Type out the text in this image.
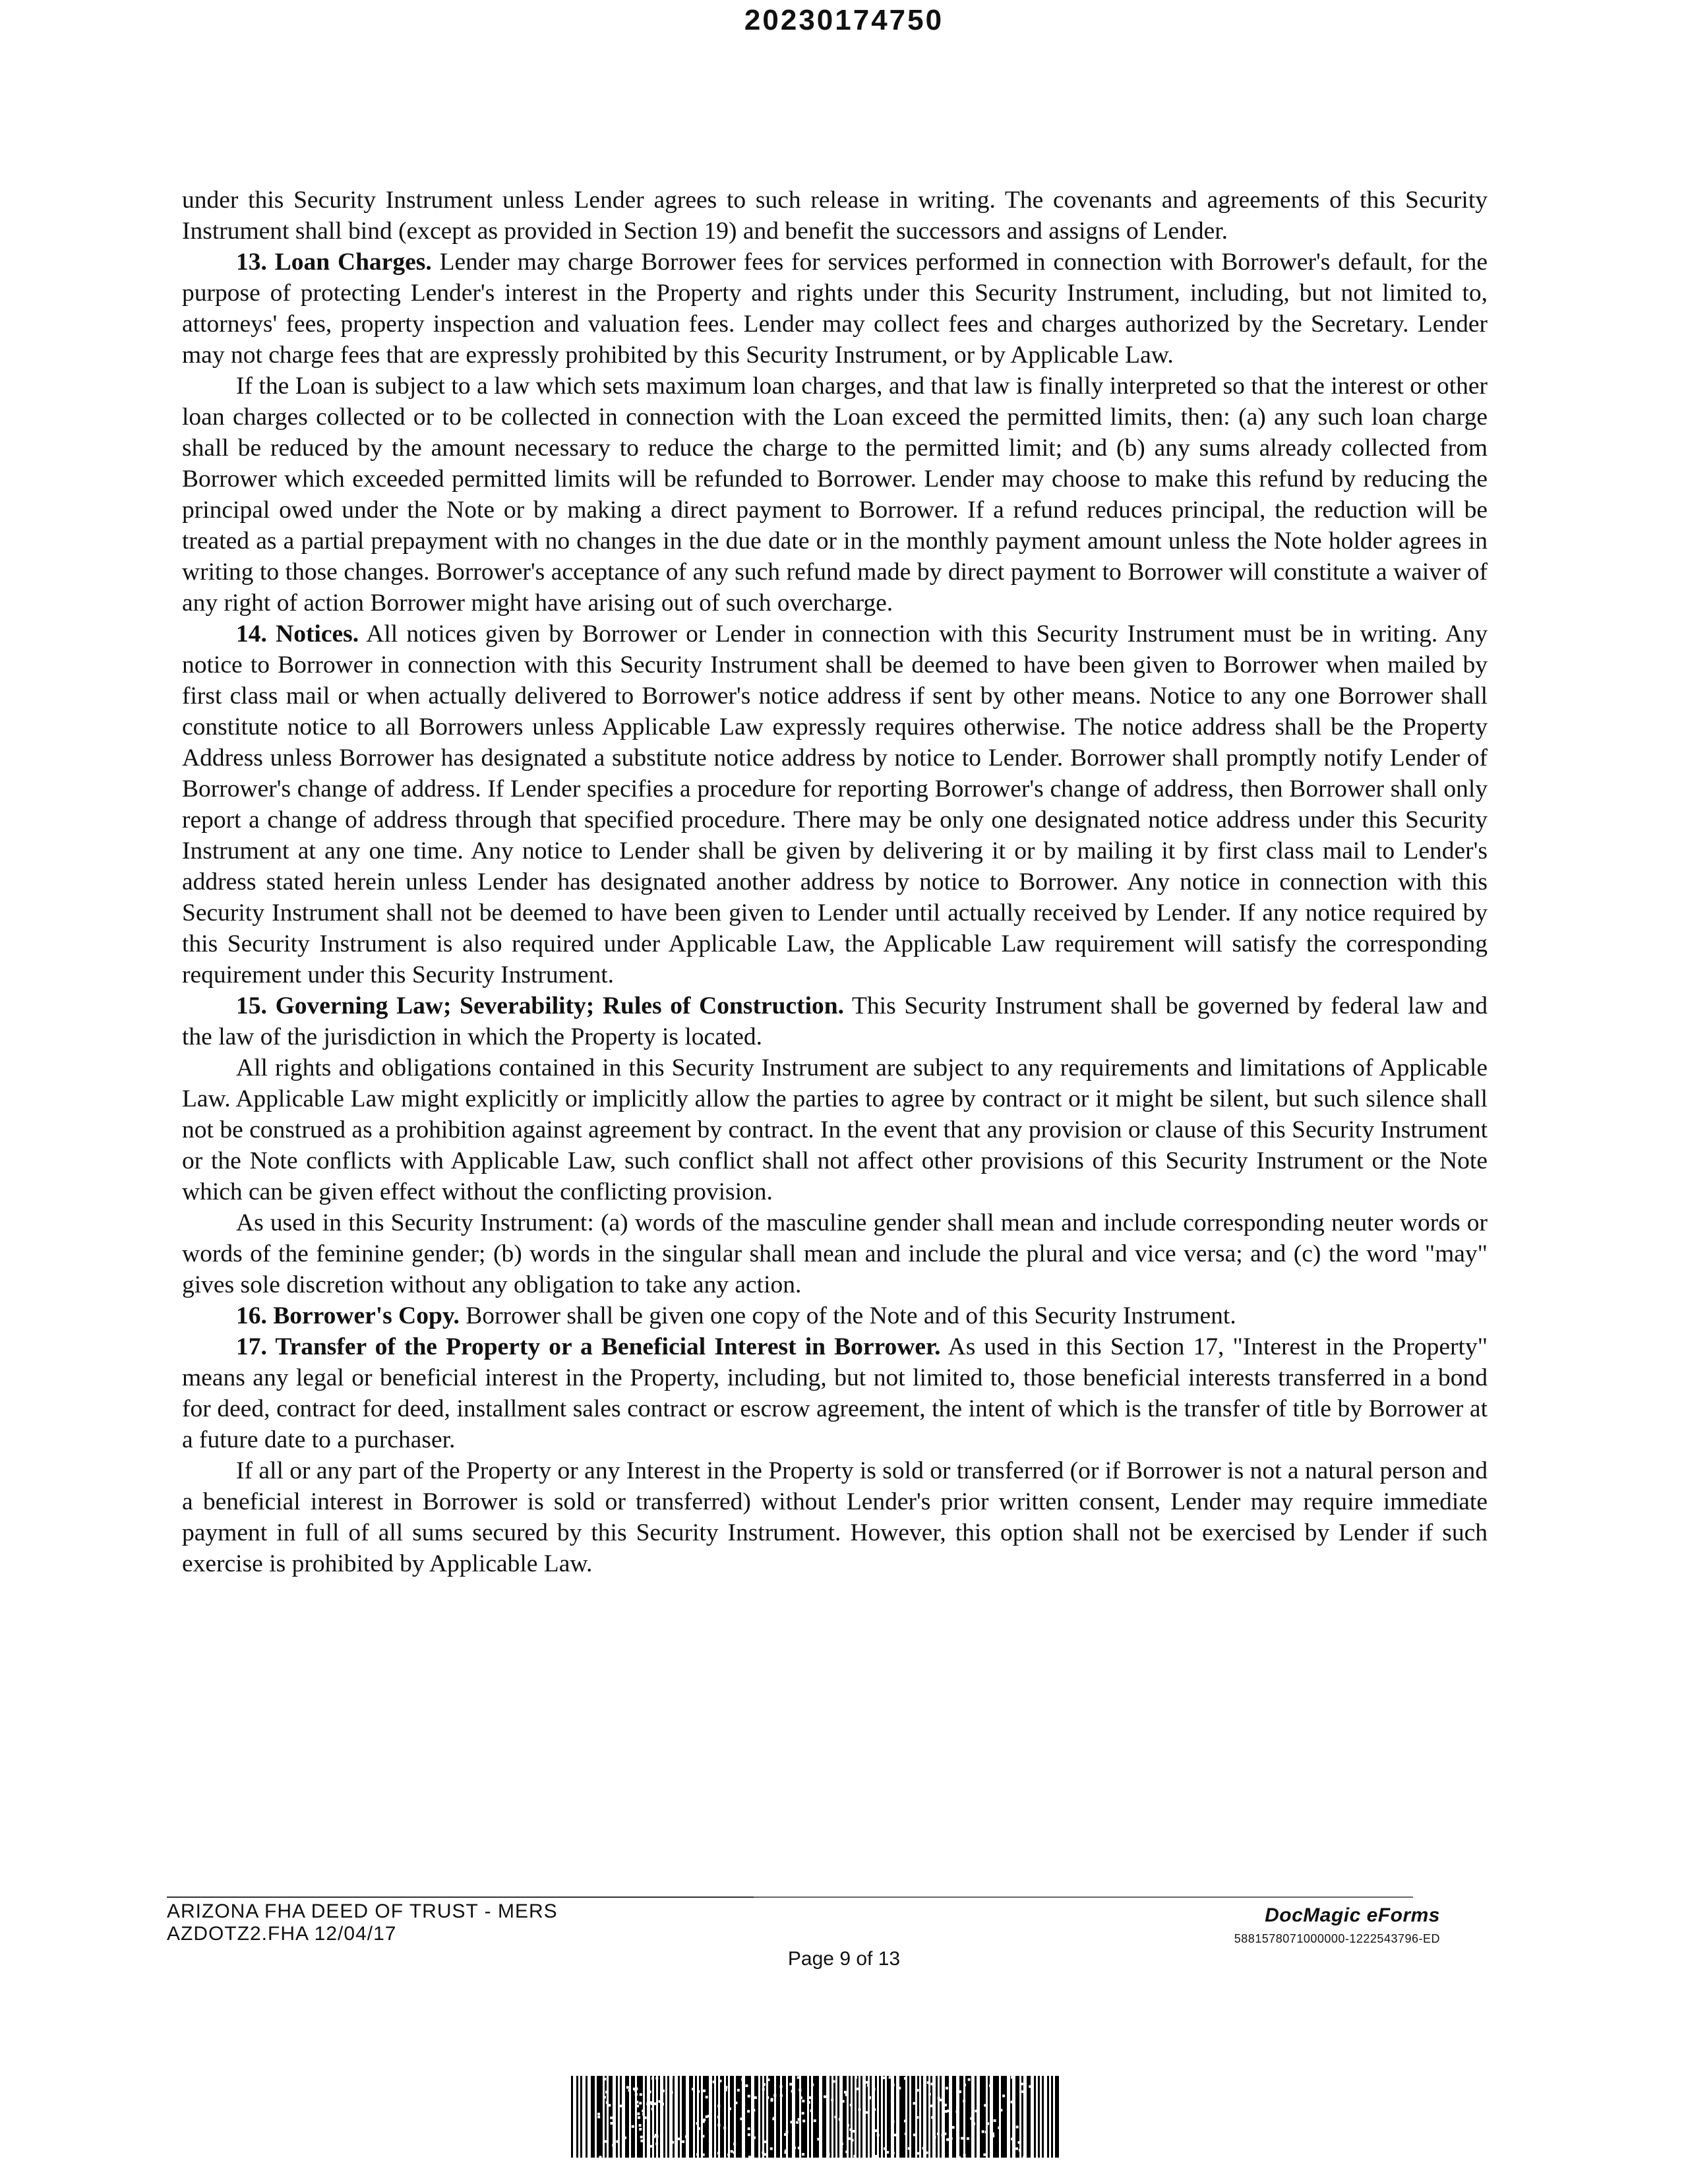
20230174750

under this Security Instrument unless Lender agrees to such release in writing. The covenants and agreements of this Security Instrument shall bind (except as provided in Section 19) and benefit the successors and assigns of Lender.

13. Loan Charges. Lender may charge Borrower fees for services performed in connection with Borrower's default, for the purpose of protecting Lender's interest in the Property and rights under this Security Instrument, including, but not limited to, attorneys' fees, property inspection and valuation fees. Lender may collect fees and charges authorized by the Secretary. Lender may not charge fees that are expressly prohibited by this Security Instrument, or by Applicable Law.

If the Loan is subject to a law which sets maximum loan charges, and that law is finally interpreted so that the interest or other loan charges collected or to be collected in connection with the Loan exceed the permitted limits, then: (a) any such loan charge shall be reduced by the amount necessary to reduce the charge to the permitted limit; and (b) any sums already collected from Borrower which exceeded permitted limits will be refunded to Borrower. Lender may choose to make this refund by reducing the principal owed under the Note or by making a direct payment to Borrower. If a refund reduces principal, the reduction will be treated as a partial prepayment with no changes in the due date or in the monthly payment amount unless the Note holder agrees in writing to those changes. Borrower's acceptance of any such refund made by direct payment to Borrower will constitute a waiver of any right of action Borrower might have arising out of such overcharge.

14. Notices. All notices given by Borrower or Lender in connection with this Security Instrument must be in writing. Any notice to Borrower in connection with this Security Instrument shall be deemed to have been given to Borrower when mailed by first class mail or when actually delivered to Borrower's notice address if sent by other means. Notice to any one Borrower shall constitute notice to all Borrowers unless Applicable Law expressly requires otherwise. The notice address shall be the Property Address unless Borrower has designated a substitute notice address by notice to Lender. Borrower shall promptly notify Lender of Borrower's change of address. If Lender specifies a procedure for reporting Borrower's change of address, then Borrower shall only report a change of address through that specified procedure. There may be only one designated notice address under this Security Instrument at any one time. Any notice to Lender shall be given by delivering it or by mailing it by first class mail to Lender's address stated herein unless Lender has designated another address by notice to Borrower. Any notice in connection with this Security Instrument shall not be deemed to have been given to Lender until actually received by Lender. If any notice required by this Security Instrument is also required under Applicable Law, the Applicable Law requirement will satisfy the corresponding requirement under this Security Instrument.

15. Governing Law; Severability; Rules of Construction. This Security Instrument shall be governed by federal law and the law of the jurisdiction in which the Property is located.

All rights and obligations contained in this Security Instrument are subject to any requirements and limitations of Applicable Law. Applicable Law might explicitly or implicitly allow the parties to agree by contract or it might be silent, but such silence shall not be construed as a prohibition against agreement by contract. In the event that any provision or clause of this Security Instrument or the Note conflicts with Applicable Law, such conflict shall not affect other provisions of this Security Instrument or the Note which can be given effect without the conflicting provision.

As used in this Security Instrument: (a) words of the masculine gender shall mean and include corresponding neuter words or words of the feminine gender; (b) words in the singular shall mean and include the plural and vice versa; and (c) the word "may" gives sole discretion without any obligation to take any action.

16. Borrower's Copy. Borrower shall be given one copy of the Note and of this Security Instrument.

17. Transfer of the Property or a Beneficial Interest in Borrower. As used in this Section 17, "Interest in the Property" means any legal or beneficial interest in the Property, including, but not limited to, those beneficial interests transferred in a bond for deed, contract for deed, installment sales contract or escrow agreement, the intent of which is the transfer of title by Borrower at a future date to a purchaser.

If all or any part of the Property or any Interest in the Property is sold or transferred (or if Borrower is not a natural person and a beneficial interest in Borrower is sold or transferred) without Lender's prior written consent, Lender may require immediate payment in full of all sums secured by this Security Instrument. However, this option shall not be exercised by Lender if such exercise is prohibited by Applicable Law.

ARIZONA FHA DEED OF TRUST - MERS
AZDOTZ2.FHA 12/04/17
Page 9 of 13
DocMagic eForms
5881578071000000-1222543796-ED
